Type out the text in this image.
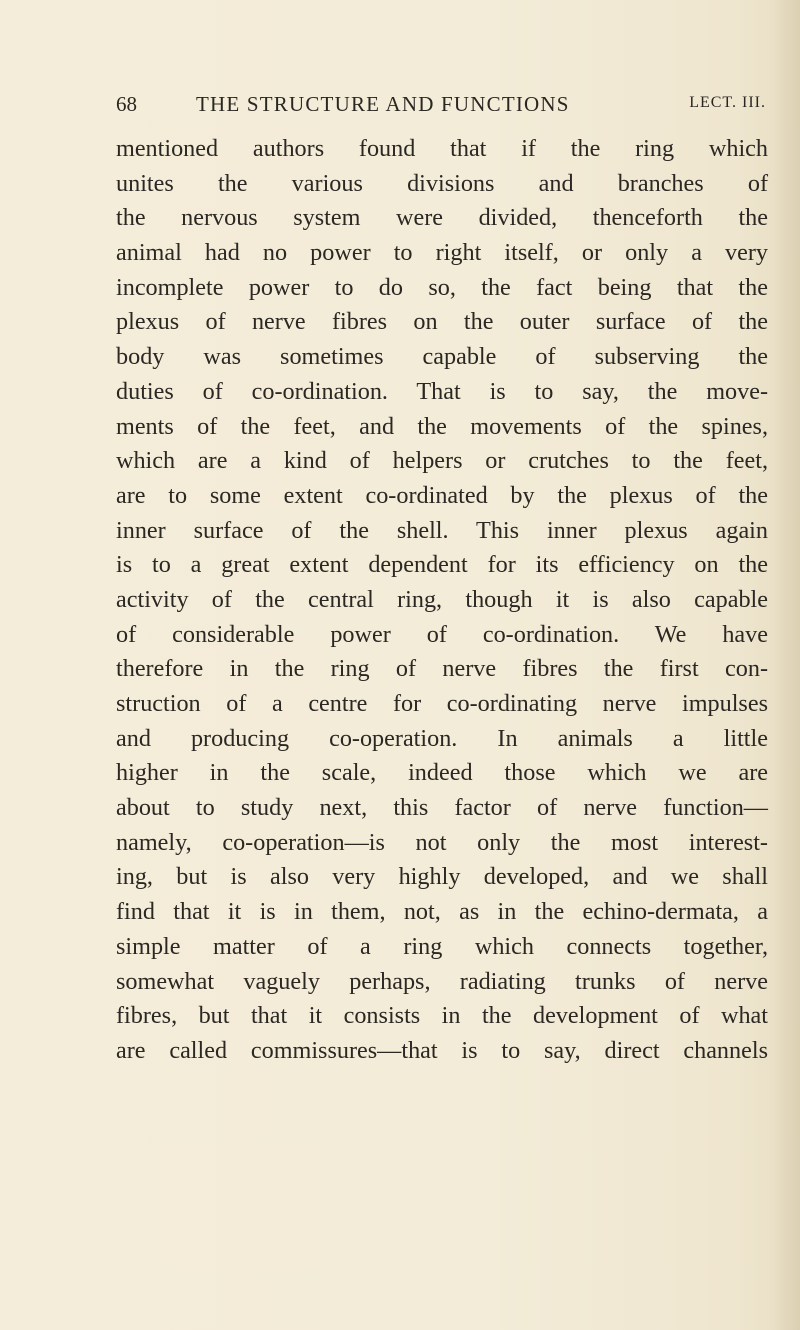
68	THE STRUCTURE AND FUNCTIONS	LECT. III.
mentioned authors found that if the ring which
unites the various divisions and branches of
the nervous system were divided, thenceforth the
animal had no power to right itself, or only a very
incomplete power to do so, the fact being that the
plexus of nerve fibres on the outer surface of the
body was sometimes capable of subserving the
duties of co-ordination. That is to say, the move-
ments of the feet, and the movements of the spines,
which are a kind of helpers or crutches to the feet,
are to some extent co-ordinated by the plexus of the
inner surface of the shell. This inner plexus again
is to a great extent dependent for its efficiency on the
activity of the central ring, though it is also capable
of considerable power of co-ordination. We have
therefore in the ring of nerve fibres the first con-
struction of a centre for co-ordinating nerve impulses
and producing co-operation. In animals a little
higher in the scale, indeed those which we are
about to study next, this factor of nerve function—
namely, co-operation—is not only the most interest-
ing, but is also very highly developed, and we shall
find that it is in them, not, as in the echino-dermata, a
simple matter of a ring which connects together,
somewhat vaguely perhaps, radiating trunks of nerve
fibres, but that it consists in the development of what
are called commissures—that is to say, direct channels
